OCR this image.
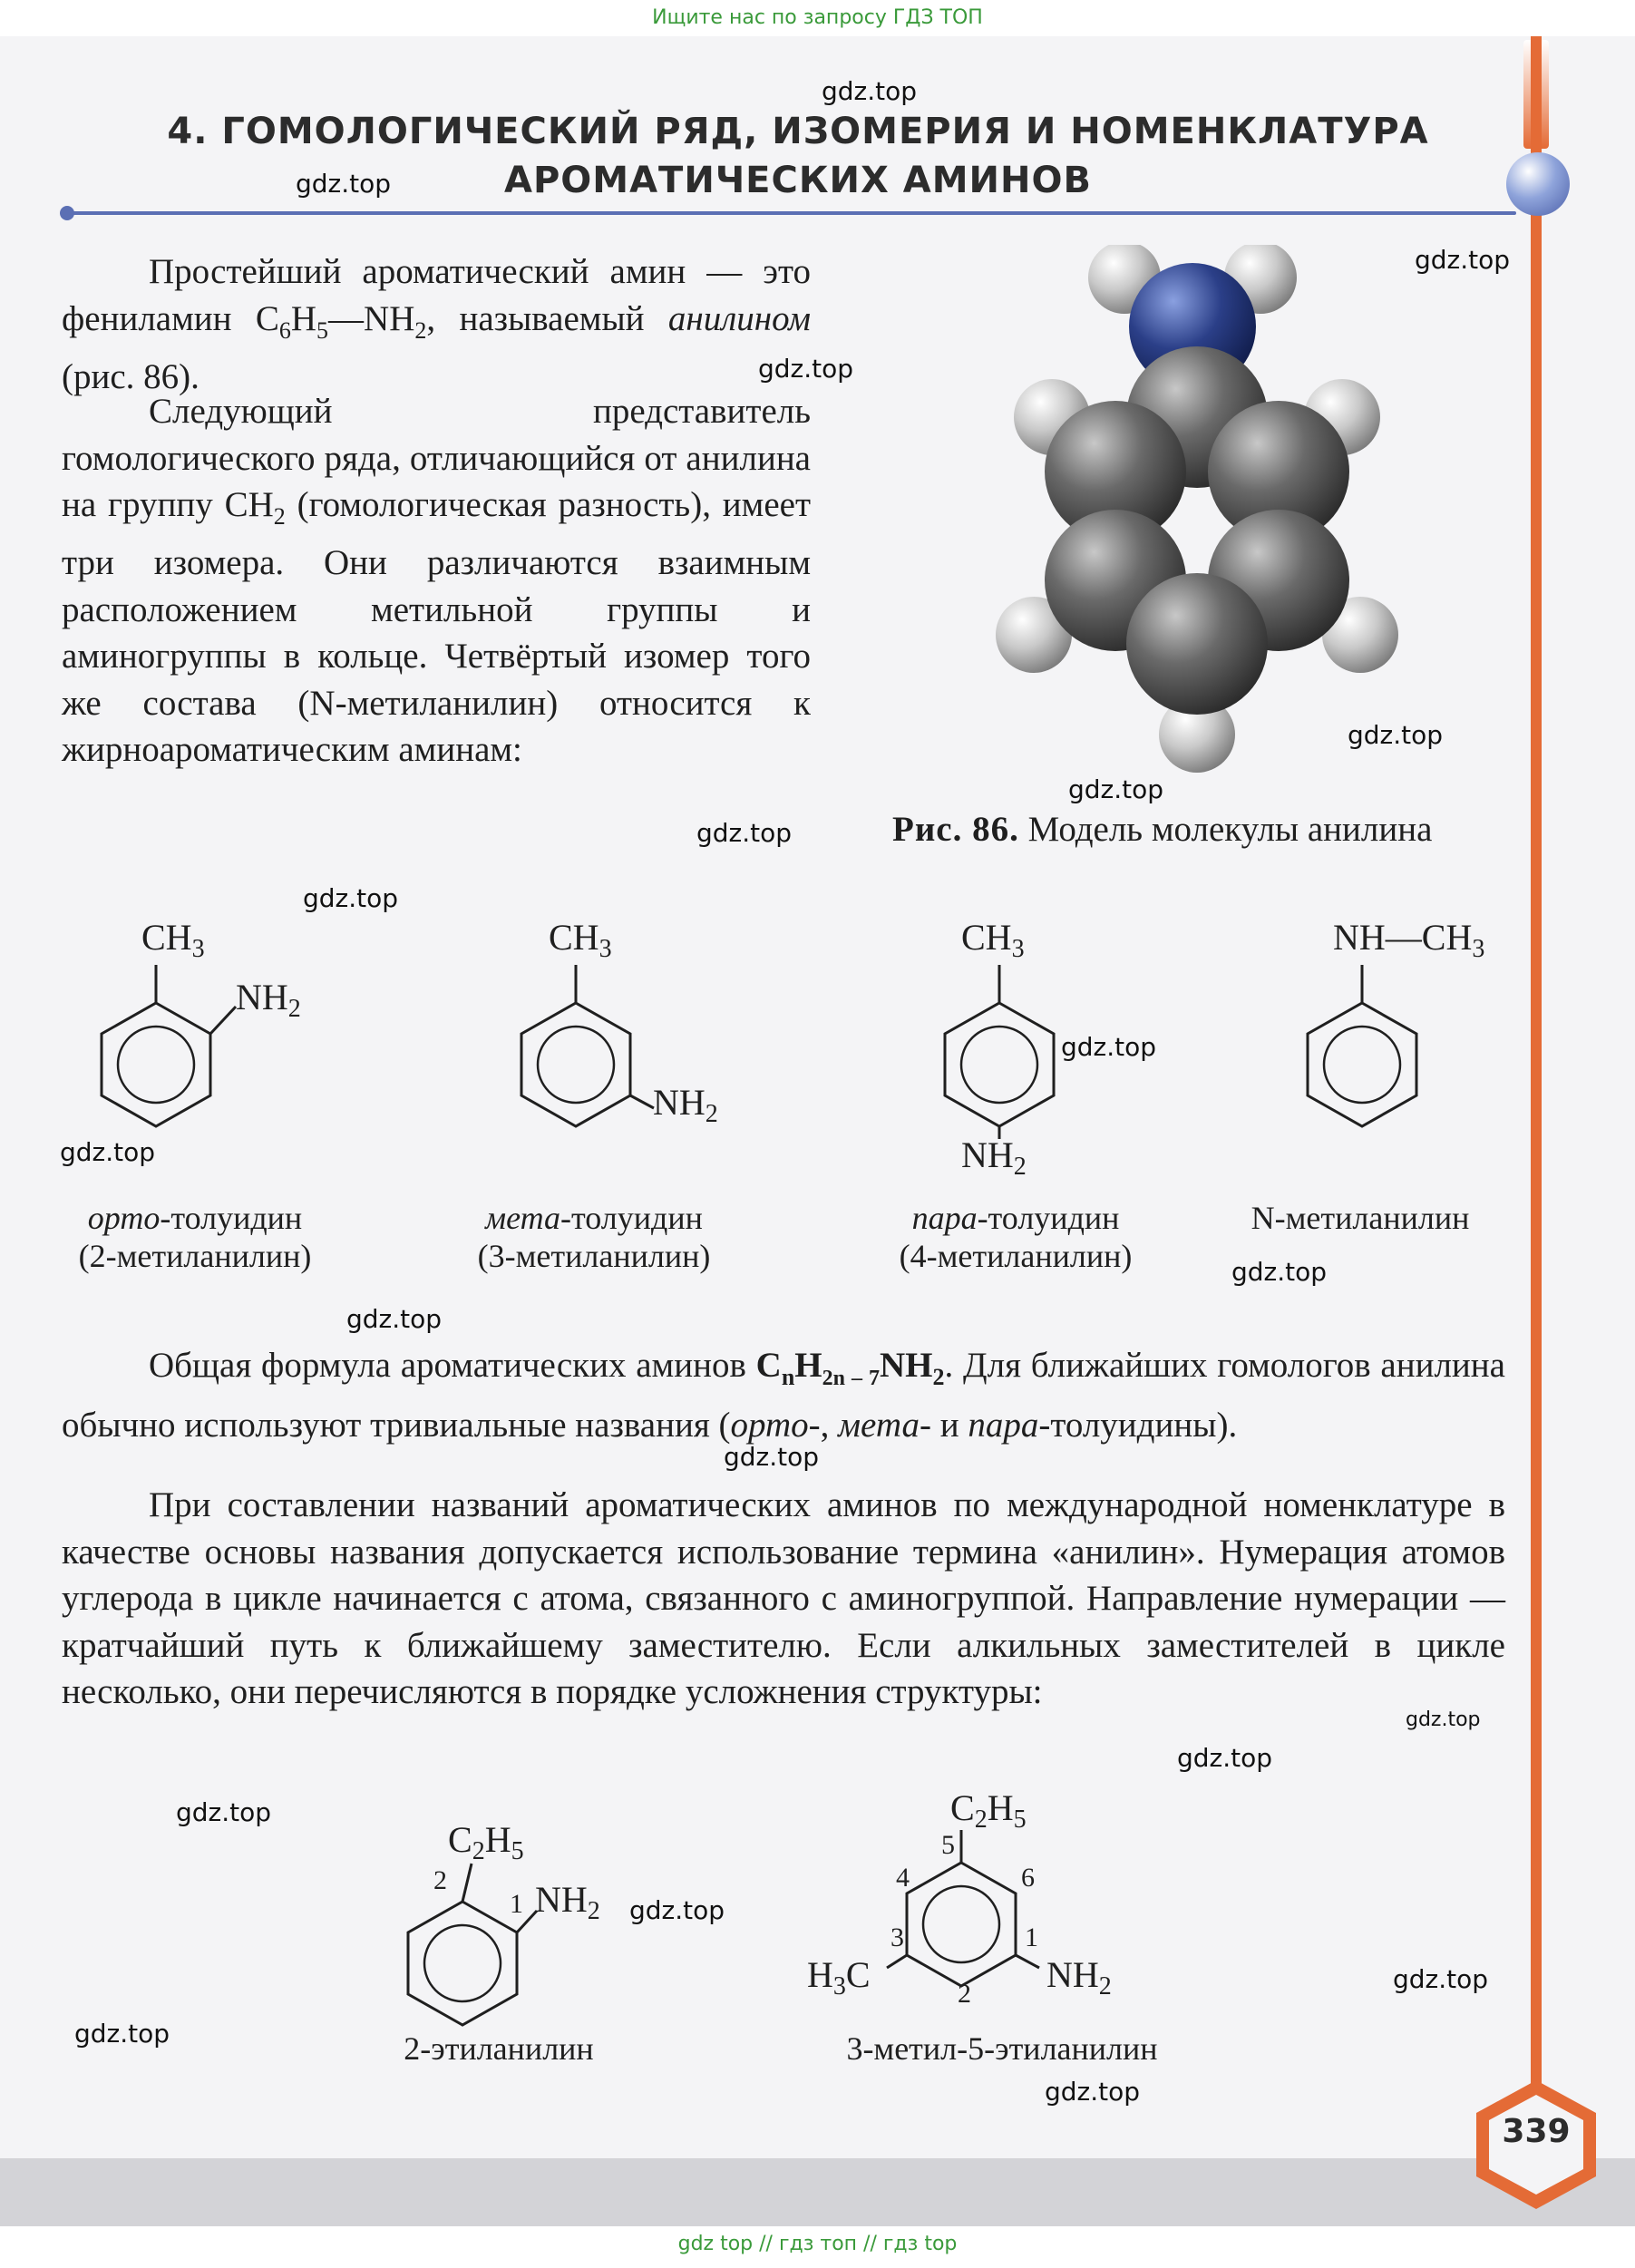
Ищите нас по запросу ГДЗ ТОП
4. ГОМОЛОГИЧЕСКИЙ РЯД, ИЗОМЕРИЯ И НОМЕНКЛАТУРА
АРОМАТИЧЕСКИХ АМИНОВ
Простейший ароматический амин — это фениламин $C_6H_5—NH_2$, называемый анилином (рис. 86).
Следующий представитель гомологического ряда, отличающийся от анилина на группу $CH_2$ (гомологическая разность), имеет три изомера. Они различаются взаимным расположением метильной группы и аминогруппы в кольце. Четвёртый изомер того же состава (N-метиланилин) относится к жирноароматическим аминам:
Рис. 86. Модель молекулы анилина
$CH_3$
$NH_2$
орто-толуидин
(2-метиланилин)
$CH_3$
$NH_2$
мета-толуидин
(3-метиланилин)
$CH_3$
$NH_2$
пара-толуидин
(4-метиланилин)
$NH—CH_3$
N-метиланилин
Общая формула ароматических аминов $C_nH_{2n - 7}NH_2$. Для ближайших гомологов анилина обычно используют тривиальные названия (орто-, мета- и пара-толуидины).
При составлении названий ароматических аминов по международной номенклатуре в качестве основы названия допускается использование термина «анилин». Нумерация атомов углерода в цикле начинается с атома, связанного с аминогруппой. Направление нумерации — кратчайший путь к ближайшему заместителю. Если алкильных заместителей в цикле несколько, они перечисляются в порядке усложнения структуры:
$C_2H_5$
$NH_2$
2
1
2-этиланилин
$C_2H_5$
$H_3C$	$NH_2$
5
4	6
3	1
2
3-метил-5-этиланилин
gdz.top
gdz.top
gdz.top
gdz.top
gdz.top
gdz.top
gdz.top
gdz.top
gdz.top
gdz.top
gdz.top
gdz.top
gdz.top
gdz.top
gdz.top
gdz.top
gdz.top
gdz.top
gdz.top
gdz.top
339
gdz top // гдз топ // гдз top
